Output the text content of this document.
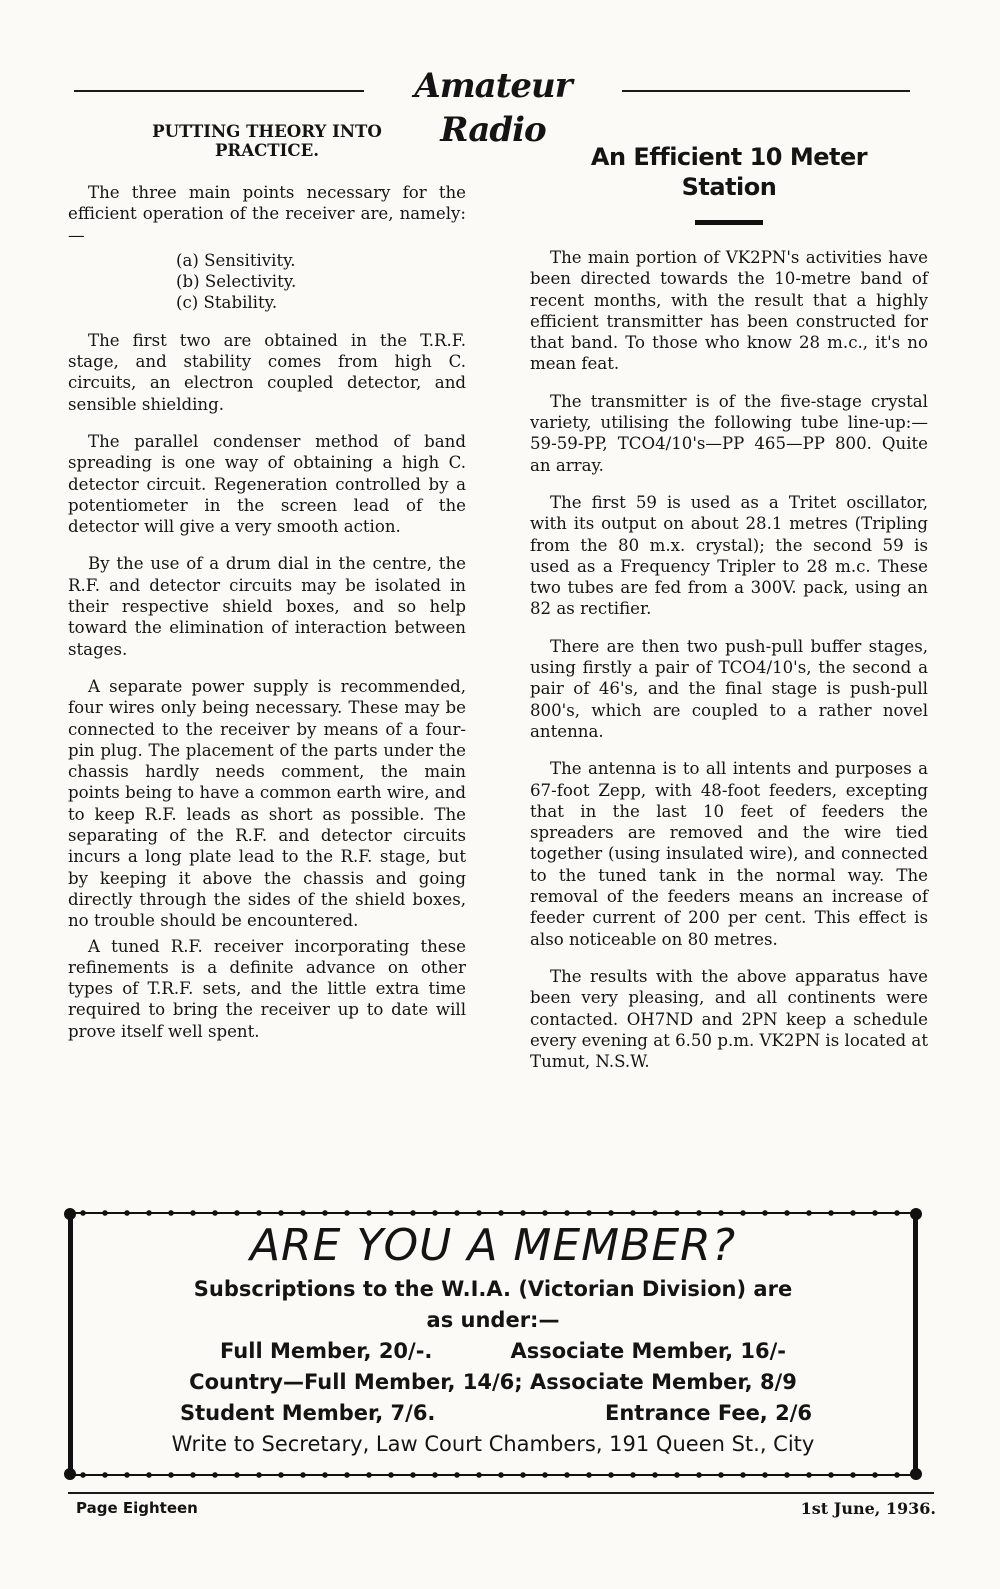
Amateur Radio
PUTTING THEORY INTO
PRACTICE.

The three main points necessary for the efficient operation of the receiver are, namely:—

(a) Sensitivity.
(b) Selectivity.
(c) Stability.

The first two are obtained in the T.R.F. stage, and stability comes from high C. circuits, an electron coupled detector, and sensible shielding.

The parallel condenser method of band spreading is one way of obtaining a high C. detector circuit. Regeneration controlled by a potentiometer in the screen lead of the detector will give a very smooth action.

By the use of a drum dial in the centre, the R.F. and detector circuits may be isolated in their respective shield boxes, and so help toward the elimination of interaction between stages.

A separate power supply is recommended, four wires only being necessary. These may be connected to the receiver by means of a four-pin plug. The placement of the parts under the chassis hardly needs comment, the main points being to have a common earth wire, and to keep R.F. leads as short as possible. The separating of the R.F. and detector circuits incurs a long plate lead to the R.F. stage, but by keeping it above the chassis and going directly through the sides of the shield boxes, no trouble should be encountered.

A tuned R.F. receiver incorporating these refinements is a definite advance on other types of T.R.F. sets, and the little extra time required to bring the receiver up to date will prove itself well spent.

An Efficient 10 Meter
Station

The main portion of VK2PN's activities have been directed towards the 10-metre band of recent months, with the result that a highly efficient transmitter has been constructed for that band. To those who know 28 m.c., it's no mean feat.

The transmitter is of the five-stage crystal variety, utilising the following tube line-up:—59-59-PP, TCO4/10's—PP 465—PP 800. Quite an array.

The first 59 is used as a Tritet oscillator, with its output on about 28.1 metres (Tripling from the 80 m.x. crystal); the second 59 is used as a Frequency Tripler to 28 m.c. These two tubes are fed from a 300V. pack, using an 82 as rectifier.

There are then two push-pull buffer stages, using firstly a pair of TCO4/10's, the second a pair of 46's, and the final stage is push-pull 800's, which are coupled to a rather novel antenna.

The antenna is to all intents and purposes a 67-foot Zepp, with 48-foot feeders, excepting that in the last 10 feet of feeders the spreaders are removed and the wire tied together (using insulated wire), and connected to the tuned tank in the normal way. The removal of the feeders means an increase of feeder current of 200 per cent. This effect is also noticeable on 80 metres.

The results with the above apparatus have been very pleasing, and all continents were contacted. OH7ND and 2PN keep a schedule every evening at 6.50 p.m. VK2PN is located at Tumut, N.S.W.

ARE YOU A MEMBER?
Subscriptions to the W.I.A. (Victorian Division) are
as under:—
Full Member, 20/-.	Associate Member, 16/-
Country—Full Member, 14/6; Associate Member, 8/9
Student Member, 7/6.	Entrance Fee, 2/6
Write to Secretary, Law Court Chambers, 191 Queen St., City
Page Eighteen	1st June, 1936.
